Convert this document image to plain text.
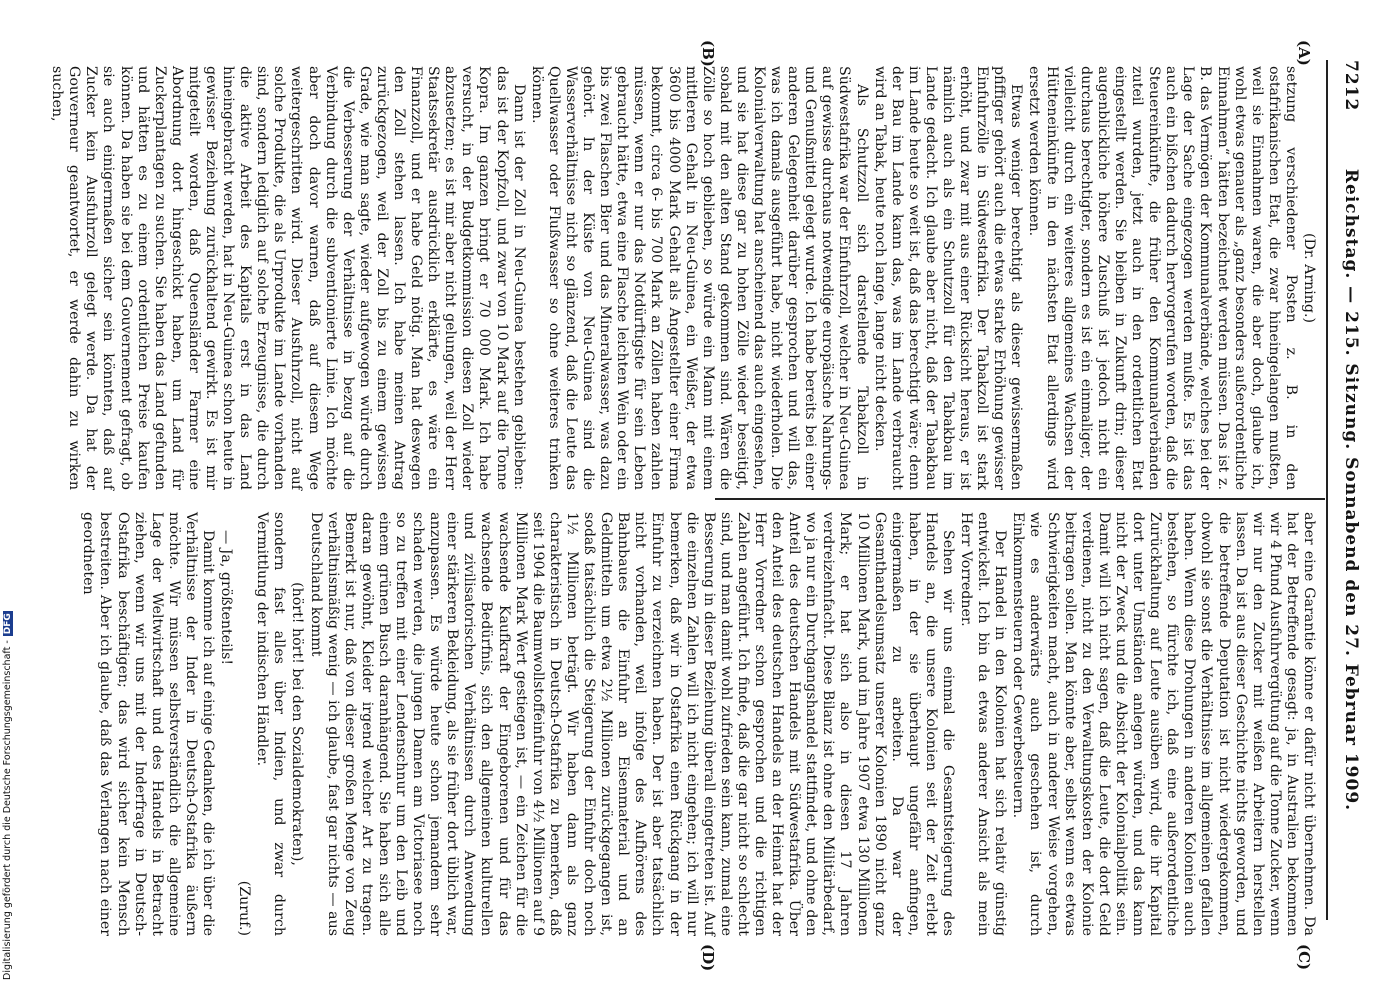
7212
Reichstag. — 215. Sitzung. Sonnabend den 27. Februar 1909.
(A)
(B)
(C)
(D)

(Dr. Arning.)

setzung verschiedener Posten z. B. in den ostafrikanischen Etat, die zwar hineingelangen mußten, weil sie Einnahmen waren, die aber doch, glaube ich, wohl etwas genauer als „ganz besonders außerordentliche Einnahmen“ hätten bezeichnet werden müssen. Das ist z. B. das Vermögen der Kommunalverbände, welches bei der Lage der Sache eingezogen werden mußte. Es ist das auch ein bißchen dadurch hervorgerufen worden, daß die Steuereinkünfte, die früher den Kommunalverbänden zuteil wurden, jetzt auch in den ordentlichen Etat eingestellt werden. Sie bleiben in Zukunft drin; dieser augenblickliche höhere Zuschuß ist jedoch nicht ein durchaus berechtigter, sondern es ist ein einmaliger, der vielleicht durch ein weiteres allgemeines Wachsen der Hütteneinkünfte in den nächsten Etat allerdings wird ersetzt werden können.

Etwas weniger berechtigt als dieser gewissermaßen pfiffiger gehört auch die etwas starke Erhöhung gewisser Einfuhrzölle in Südwestafrika. Der Tabakzoll ist stark erhöht, und zwar mit aus einer Rücksicht heraus, er ist nämlich auch als ein Schutzzoll für den Tabakbau im Lande gedacht. Ich glaube aber nicht, daß der Tabakbau im Lande heute so weit ist, daß das berechtigt wäre; denn der Bau im Lande kann das, was im Lande verbraucht wird an Tabak, heute noch lange, lange nicht decken.

Als Schutzzoll sich darstellende Tabakzoll in Südwestafrika war der Einfuhrzoll, welcher in Neu-Guinea auf gewisse durchaus notwendige europäische Nahrungs- und Genußmittel gelegt wurde. Ich habe bereits bei einer anderen Gelegenheit darüber gesprochen und will das, was ich damals ausgeführt habe, nicht wiederholen. Die Kolonialverwaltung hat anscheinend das auch eingesehen, und sie hat diese gar zu hohen Zölle wieder beseitigt, sobald mit den alten Stand gekommen sind. Wären die Zölle so hoch geblieben, so würde ein Mann mit einem mittleren Gehalt in Neu-Guinea, ein Weißer, der etwa 3600 bis 4000 Mark Gehalt als Angestellter einer Firma bekommt, circa 6- bis 700 Mark an Zöllen haben zahlen müssen, wenn er nur das Notdürftigste für sein Leben gebraucht hätte, etwa eine Flasche leichten Wein oder ein bis zwei Flaschen Bier und das Mineralwasser, was dazu gehört. In der Küste von Neu-Guinea sind die Wasserverhältnisse nicht so glänzend, daß die Leute das Quellwasser oder Flußwasser so ohne weiteres trinken können.

Dann ist der Zoll in Neu-Guinea bestehen geblieben: das ist der Kopfzoll, und zwar von 10 Mark auf die Tonne Kopra. Im ganzen bringt er 70 000 Mark. Ich habe versucht, in der Budgetkommission diesen Zoll wieder abzusetzen; es ist mir aber nicht gelungen, weil der Herr Staatssekretär ausdrücklich erklärte, es wäre ein Finanzzoll, und er habe Geld nötig. Man hat deswegen den Zoll stehen lassen. Ich habe meinen Antrag zurückgezogen, weil der Zoll bis zu einem gewissen Grade, wie man sagte, wieder aufgewogen würde durch die Verbesserung der Verhältnisse in bezug auf die Verbindung durch die subventionierte Linie. Ich möchte aber doch davor warnen, daß auf diesem Wege weitergeschritten wird. Dieser Ausfuhrzoll, nicht auf solche Produkte, die als Urprodukte im Lande vorhanden sind, sondern lediglich auf solche Erzeugnisse, die durch die aktive Arbeit des Kapitals erst in das Land hineingebracht werden, hat in Neu-Guinea schon heute in gewisser Beziehung zurückhaltend gewirkt. Es ist mir mitgeteilt worden, daß Queensländer Farmer eine Abordnung dort hingeschickt haben, um Land für Zuckerplantagen zu suchen. Sie haben das Land gefunden und hätten es zu einem ordentlichen Preise kaufen können. Da haben sie bei dem Gouvernement gefragt, ob sie auch einigermaßen sicher sein könnten, daß auf Zucker kein Ausfuhrzoll gelegt werde. Da hat der Gouverneur geantwortet, er werde dahin zu wirken suchen,

aber eine Garantie könne er dafür nicht übernehmen. Da hat der Betreffende gesagt: ja, in Australien bekommen wir 4 Pfund Ausfuhrvergütung auf die Tonne Zucker, wenn wir nur den Zucker mit weißen Arbeitern herstellen lassen. Da ist aus dieser Geschichte nichts geworden, und die betreffende Deputation ist nicht wiedergekommen, obwohl sie sonst die Verhältnisse im allgemeinen gefallen haben. Wenn diese Drohungen in anderen Kolonien auch bestehen, so fürchte ich, daß eine außerordentliche Zurückhaltung auf Leute ausüben wird, die ihr Kapital dort unter Umständen anlegen würden, und das kann nicht der Zweck und die Absicht der Kolonialpolitik sein. Damit will ich nicht sagen, daß die Leute, die dort Geld verdienen, nicht zu den Verwaltungskosten der Kolonie beitragen sollen. Man könnte aber, selbst wenn es etwas Schwierigkeiten macht, auch in anderer Weise vorgehen, wie es anderwärts auch geschehen ist, durch Einkommensteuern oder Gewerbesteuern.

Der Handel in den Kolonien hat sich relativ günstig entwickelt. Ich bin da etwas anderer Ansicht als mein Herr Vorredner.

Sehen wir uns einmal die Gesamtsteigerung des Handels an, die unsere Kolonien seit der Zeit erlebt haben, in der sie überhaupt ungefähr anfingen, einigermaßen zu arbeiten. Da war der Gesamthandelsumsatz unserer Kolonien 1890 nicht ganz 10 Millionen Mark, und im Jahre 1907 etwa 130 Millionen Mark; er hat sich also in diesen 17 Jahren verdreizehnfacht. Diese Bilanz ist ohne den Militärbedarf, wo ja nur ein Durchgangshandel stattfindet, und ohne den Anteil des deutschen Handels mit Südwestafrika. Über den Anteil des deutschen Handels an der Heimat hat der Herr Vorredner schon gesprochen und die richtigen Zahlen angeführt. Ich finde, daß die gar nicht so schlecht sind, und man damit wohl zufrieden sein kann, zumal eine Besserung in dieser Beziehung überall eingetreten ist. Auf die einzelnen Zahlen will ich nicht eingehen; ich will nur bemerken, daß wir in Ostafrika einen Rückgang in der Einfuhr zu verzeichnen haben. Der ist aber tatsächlich nicht vorhanden, weil infolge des Aufhörens des Bahnbaues die Einfuhr an Eisenmaterial und an Geldmitteln um etwa 2½ Millionen zurückgegangen ist, sodaß tatsächlich die Steigerung der Einfuhr doch noch 1½ Millionen beträgt. Wir haben dann als ganz charakteristisch in Deutsch-Ostafrika zu bemerken, daß seit 1904 die Baumwollstoffeinfuhr von 4½ Millionen auf 9 Millionen Mark Wert gestiegen ist, — ein Zeichen für die wachsende Kaufkraft der Eingeborenen und für das wachsende Bedürfnis, sich den allgemeinen kulturellen und zivilisatorischen Verhältnissen durch Anwendung einer stärkeren Bekleidung, als sie früher dort üblich war, anzupassen. Es würde heute schon jemandem sehr schaden werden, die jungen Damen am Victoriasee noch so zu treffen mit einer Lendenschnur um den Leib und einem grünen Busch daranhängend. Sie haben sich alle daran gewöhnt, Kleider irgend welcher Art zu tragen. Bemerkt ist nur, daß von dieser großen Menge von Zeug verhältnismäßig wenig — ich glaube, fast gar nichts — aus Deutschland kommt

(hört! hört! bei den Sozialdemokraten),

sondern fast alles über Indien, und zwar durch Vermittlung der indischen Händler.

(Zuruf.)

— Ja, größtenteils!

Damit komme ich auf einige Gedanken, die ich über die Verhältnisse der Inder in Deutsch-Ostafrika äußern möchte. Wir müssen selbstverständlich die allgemeine Lage der Weltwirtschaft und des Handels in Betracht ziehen, wenn wir uns mit der Inderfrage in Deutsch-Ostafrika beschäftigen; das wird sicher kein Mensch bestreiten. Aber ich glaube, daß das Verlangen nach einer geordneten

Digitalisierung gefördert durch die Deutsche Forschungsgemeinschaft -DFG
